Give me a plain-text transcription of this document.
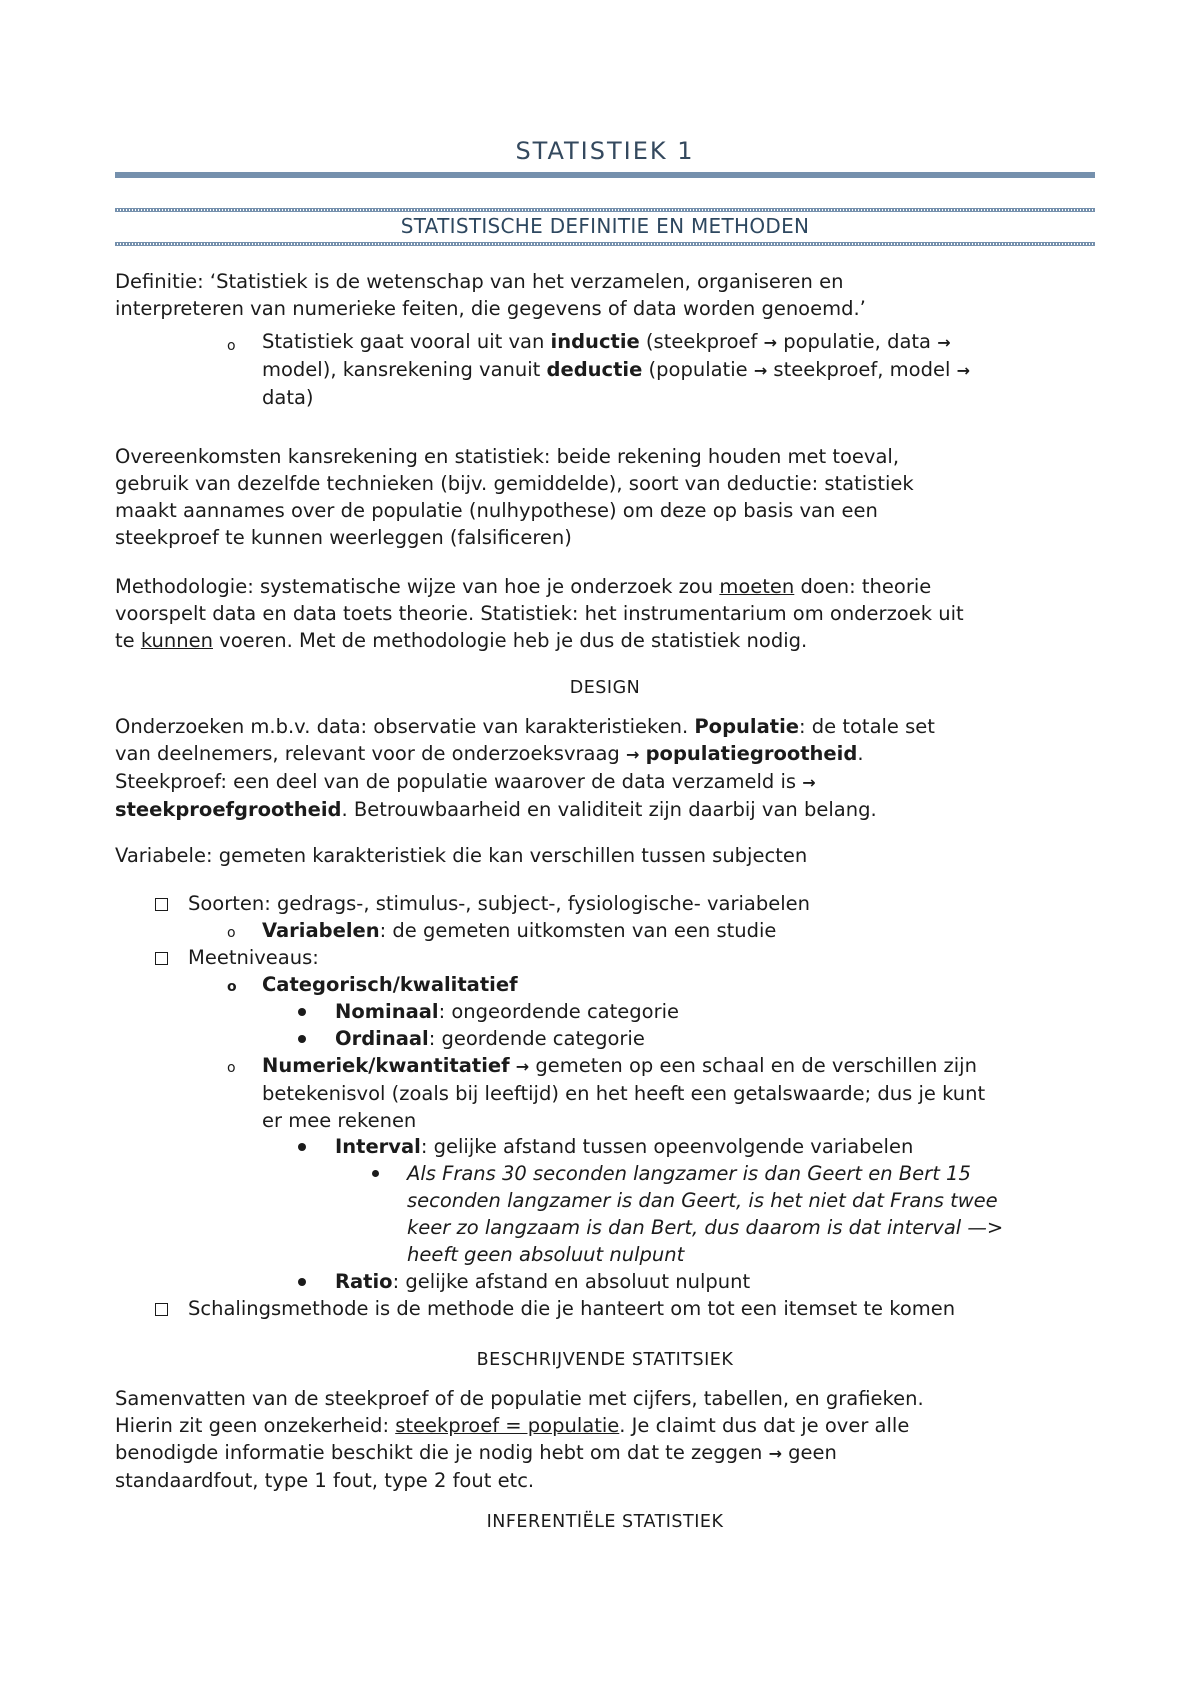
STATISTIEK 1
STATISTISCHE DEFINITIE EN METHODEN
Definitie: ‘Statistiek is de wetenschap van het verzamelen, organiseren en
interpreteren van numerieke feiten, die gegevens of data worden genoemd.’
o Statistiek gaat vooral uit van inductie (steekproef → populatie, data →
model), kansrekening vanuit deductie (populatie → steekproef, model →
data)
Overeenkomsten kansrekening en statistiek: beide rekening houden met toeval,
gebruik van dezelfde technieken (bijv. gemiddelde), soort van deductie: statistiek
maakt aannames over de populatie (nulhypothese) om deze op basis van een
steekproef te kunnen weerleggen (falsificeren)
Methodologie: systematische wijze van hoe je onderzoek zou moeten doen: theorie
voorspelt data en data toets theorie. Statistiek: het instrumentarium om onderzoek uit
te kunnen voeren. Met de methodologie heb je dus de statistiek nodig.
DESIGN
Onderzoeken m.b.v. data: observatie van karakteristieken. Populatie: de totale set
van deelnemers, relevant voor de onderzoeksvraag → populatiegrootheid.
Steekproef: een deel van de populatie waarover de data verzameld is →
steekproefgrootheid. Betrouwbaarheid en validiteit zijn daarbij van belang.
Variabele: gemeten karakteristiek die kan verschillen tussen subjecten
Soorten: gedrags-, stimulus-, subject-, fysiologische- variabelen
o Variabelen: de gemeten uitkomsten van een studie
Meetniveaus:
o Categorisch/kwalitatief
Nominaal: ongeordende categorie
Ordinaal: geordende categorie
o Numeriek/kwantitatief → gemeten op een schaal en de verschillen zijn
betekenisvol (zoals bij leeftijd) en het heeft een getalswaarde; dus je kunt
er mee rekenen
Interval: gelijke afstand tussen opeenvolgende variabelen
Als Frans 30 seconden langzamer is dan Geert en Bert 15
seconden langzamer is dan Geert, is het niet dat Frans twee
keer zo langzaam is dan Bert, dus daarom is dat interval —>
heeft geen absoluut nulpunt
Ratio: gelijke afstand en absoluut nulpunt
Schalingsmethode is de methode die je hanteert om tot een itemset te komen
BESCHRIJVENDE STATITSIEK
Samenvatten van de steekproef of de populatie met cijfers, tabellen, en grafieken.
Hierin zit geen onzekerheid: steekproef = populatie. Je claimt dus dat je over alle
benodigde informatie beschikt die je nodig hebt om dat te zeggen → geen
standaardfout, type 1 fout, type 2 fout etc.
INFERENTIËLE STATISTIEK
